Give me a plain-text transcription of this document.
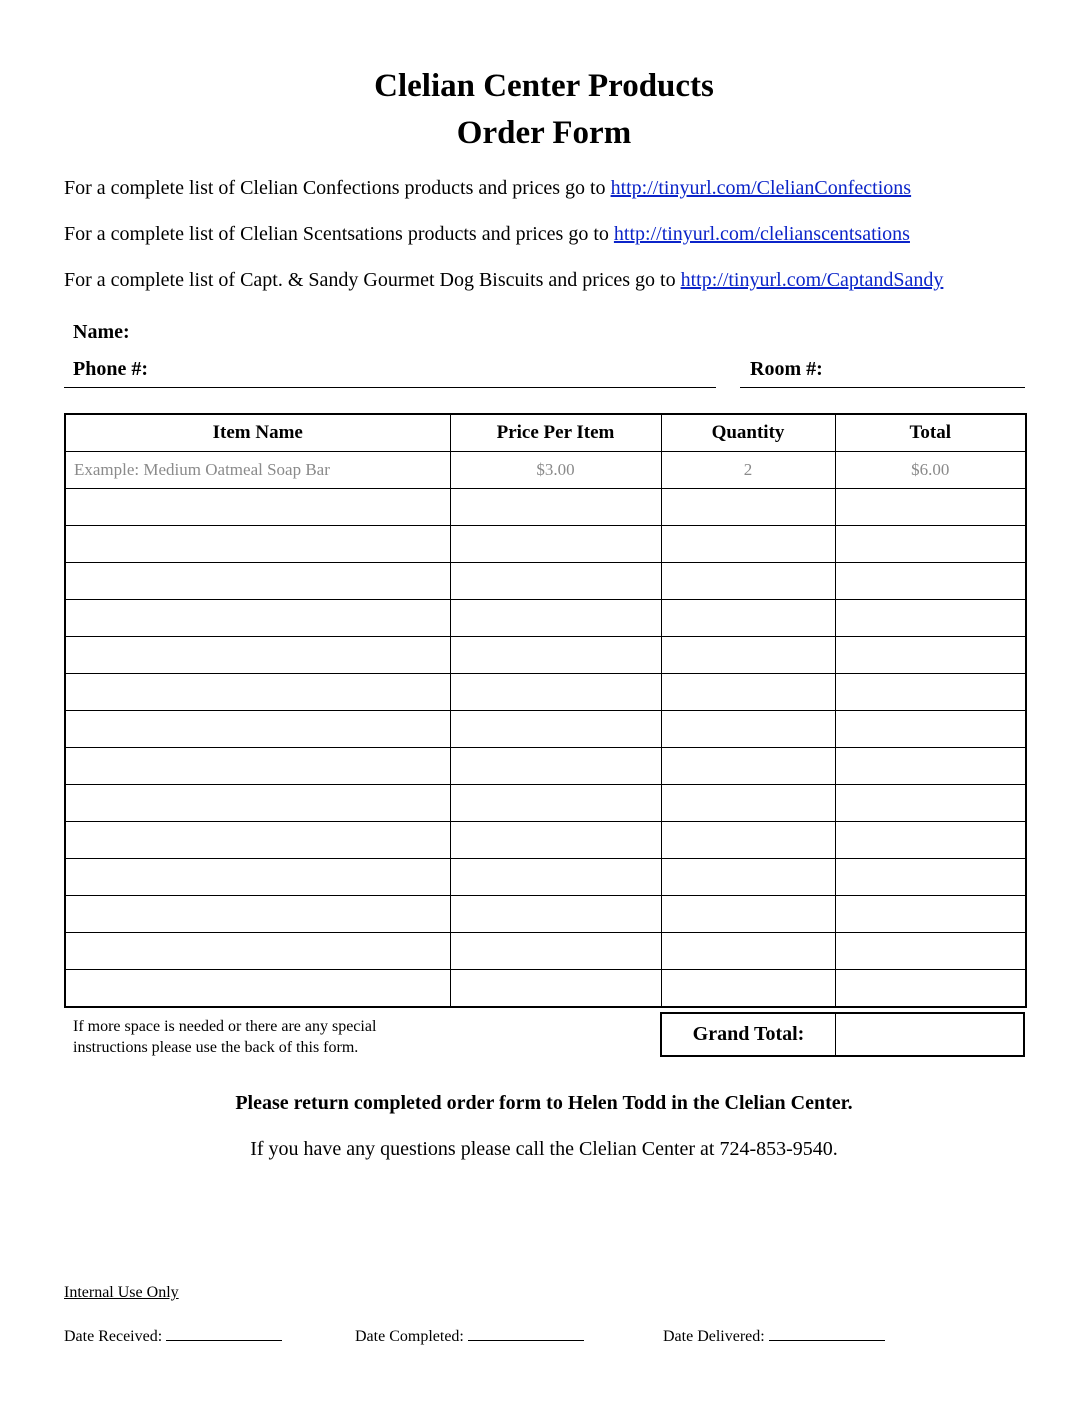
Clelian Center Products
Order Form
For a complete list of Clelian Confections products and prices go to http://tinyurl.com/ClelianConfections
For a complete list of Clelian Scentsations products and prices go to http://tinyurl.com/clelianscentsations
For a complete list of Capt. & Sandy Gourmet Dog Biscuits and prices go to http://tinyurl.com/CaptandSandy
Name:
Phone #:	Room #:
Item Name	Price Per Item	Quantity	Total
Example: Medium Oatmeal Soap Bar	$3.00	2	$6.00

If more space is needed or there are any special instructions please use the back of this form.
Grand Total:	
Please return completed order form to Helen Todd in the Clelian Center.
If you have any questions please call the Clelian Center at 724-853-9540.
Internal Use Only
Date Received:	Date Completed:	Date Delivered:
